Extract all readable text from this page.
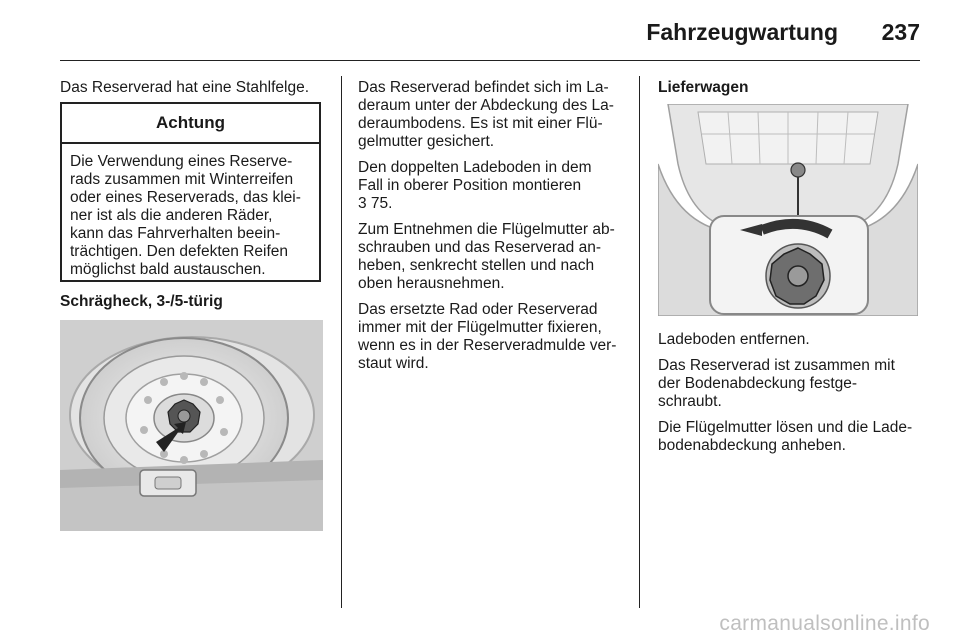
Fahrzeugwartung	237
Das Reserverad hat eine Stahlfelge.
Achtung
Die Verwendung eines Reserve-
rads zusammen mit Winterreifen
oder eines Reserverads, das klei-
ner ist als die anderen Räder,
kann das Fahrverhalten beein-
trächtigen. Den defekten Reifen
möglichst bald austauschen.
Schrägheck, 3-/5-türig

Das Reserverad befindet sich im La-
deraum unter der Abdeckung des La-
deraumbodens. Es ist mit einer Flü-
gelmutter gesichert.

Den doppelten Ladeboden in dem
Fall in oberer Position montieren
3 75.

Zum Entnehmen die Flügelmutter ab-
schrauben und das Reserverad an-
heben, senkrecht stellen und nach
oben herausnehmen.

Das ersetzte Rad oder Reserverad
immer mit der Flügelmutter fixieren,
wenn es in der Reserveradmulde ver-
staut wird.

Lieferwagen

Ladeboden entfernen.

Das Reserverad ist zusammen mit
der Bodenabdeckung festge-
schraubt.

Die Flügelmutter lösen und die Lade-
bodenabdeckung anheben.

carmanualsonline.info
